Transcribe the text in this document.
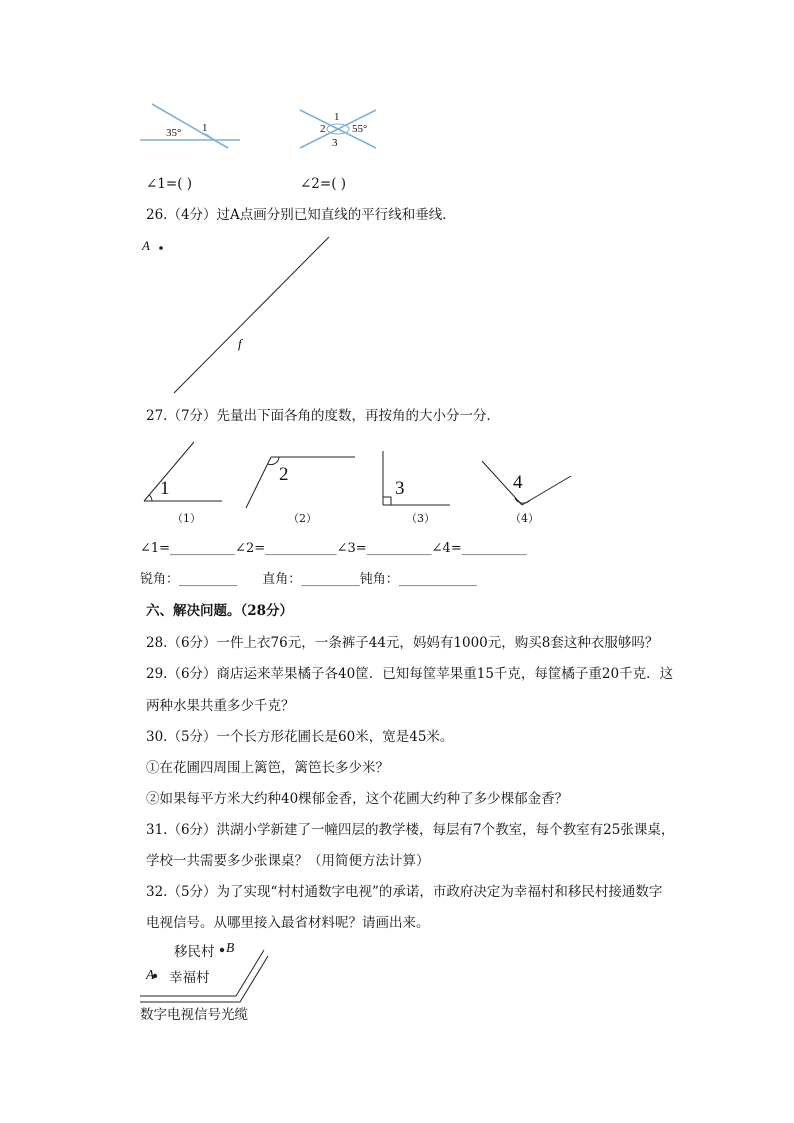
35° 1
1
2
3
55°
∠1=( )	∠2=( )
26.（4分）过A点画分别已知直线的平行线和垂线．
A
f
27.（7分）先量出下面各角的度数，再按角的大小分一分．
1
2
3	4
（1）	（2）	（3）	（4）
∠1=__________∠2=___________∠3=__________∠4=__________
锐角：_________      直角：_________钝角：____________
六、解决问题。（28分）
28.（6分）一件上衣76元，一条裤子44元，妈妈有1000元，购买8套这种衣服够吗？
29.（6分）商店运来苹果橘子各40筐．已知每筐苹果重15千克，每筐橘子重20千克．这
两种水果共重多少千克？
30.（5分）一个长方形花圃长是60米，宽是45米。
①在花圃四周围上篱笆，篱笆长多少米？
②如果每平方米大约种40棵郁金香，这个花圃大约种了多少棵郁金香？
31.（6分）洪湖小学新建了一幢四层的教学楼，每层有7个教室，每个教室有25张课桌，
学校一共需要多少张课桌？（用简便方法计算）
32.（5分）为了实现“村村通数字电视”的承诺，市政府决定为幸福村和移民村接通数字
电视信号。从哪里接入最省材料呢？请画出来。
移民村 B
A 幸福村
数字电视信号光缆
